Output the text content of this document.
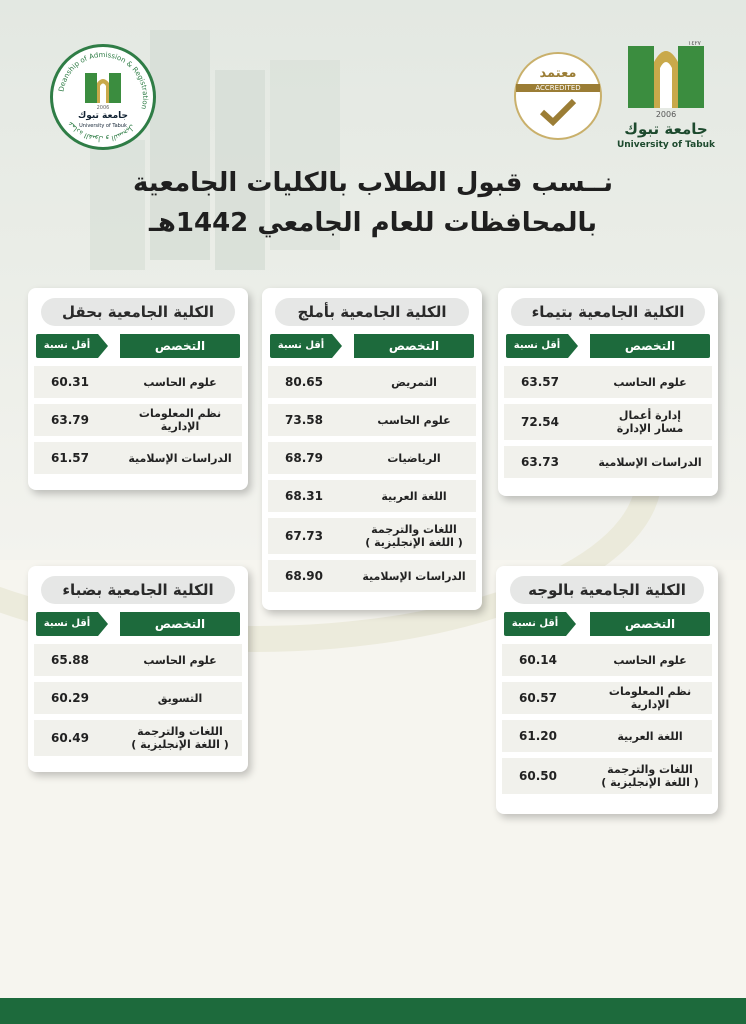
Deanship of Admission & Registration
عمادة القبول و التسجيل
2006
جامعة تبوك
University of Tabuk
معتمد
ACCREDITED
١٤٢٧
2006
جامعة تبوك
University of Tabuk
نــسب قبول الطلاب بالكليات الجامعية
بالمحافظات للعام الجامعي 1442هـ
الكلية الجامعية بتيماء
التخصص
أقل نسبة
علوم الحاسب
63.57
إدارة أعمال
مسار الإدارة
72.54
الدراسات الإسلامية
63.73
الكلية الجامعية بأملج
التخصص
أقل نسبة
التمريض
80.65
علوم الحاسب
73.58
الرياضيات
68.79
اللغة العربية
68.31
اللغات والترجمة
( اللغة الإنجليزية )
67.73
الدراسات الإسلامية
68.90
الكلية الجامعية بحقل
التخصص
أقل نسبة
علوم الحاسب
60.31
نظم المعلومات الإدارية
63.79
الدراسات الإسلامية
61.57
الكلية الجامعية بالوجه
التخصص
أقل نسبة
علوم الحاسب
60.14
نظم المعلومات الإدارية
60.57
اللغة العربية
61.20
اللغات والترجمة
( اللغة الإنجليزية )
60.50
الكلية الجامعية بضباء
التخصص
أقل نسبة
علوم الحاسب
65.88
التسويق
60.29
اللغات والترجمة
( اللغة الإنجليزية )
60.49
